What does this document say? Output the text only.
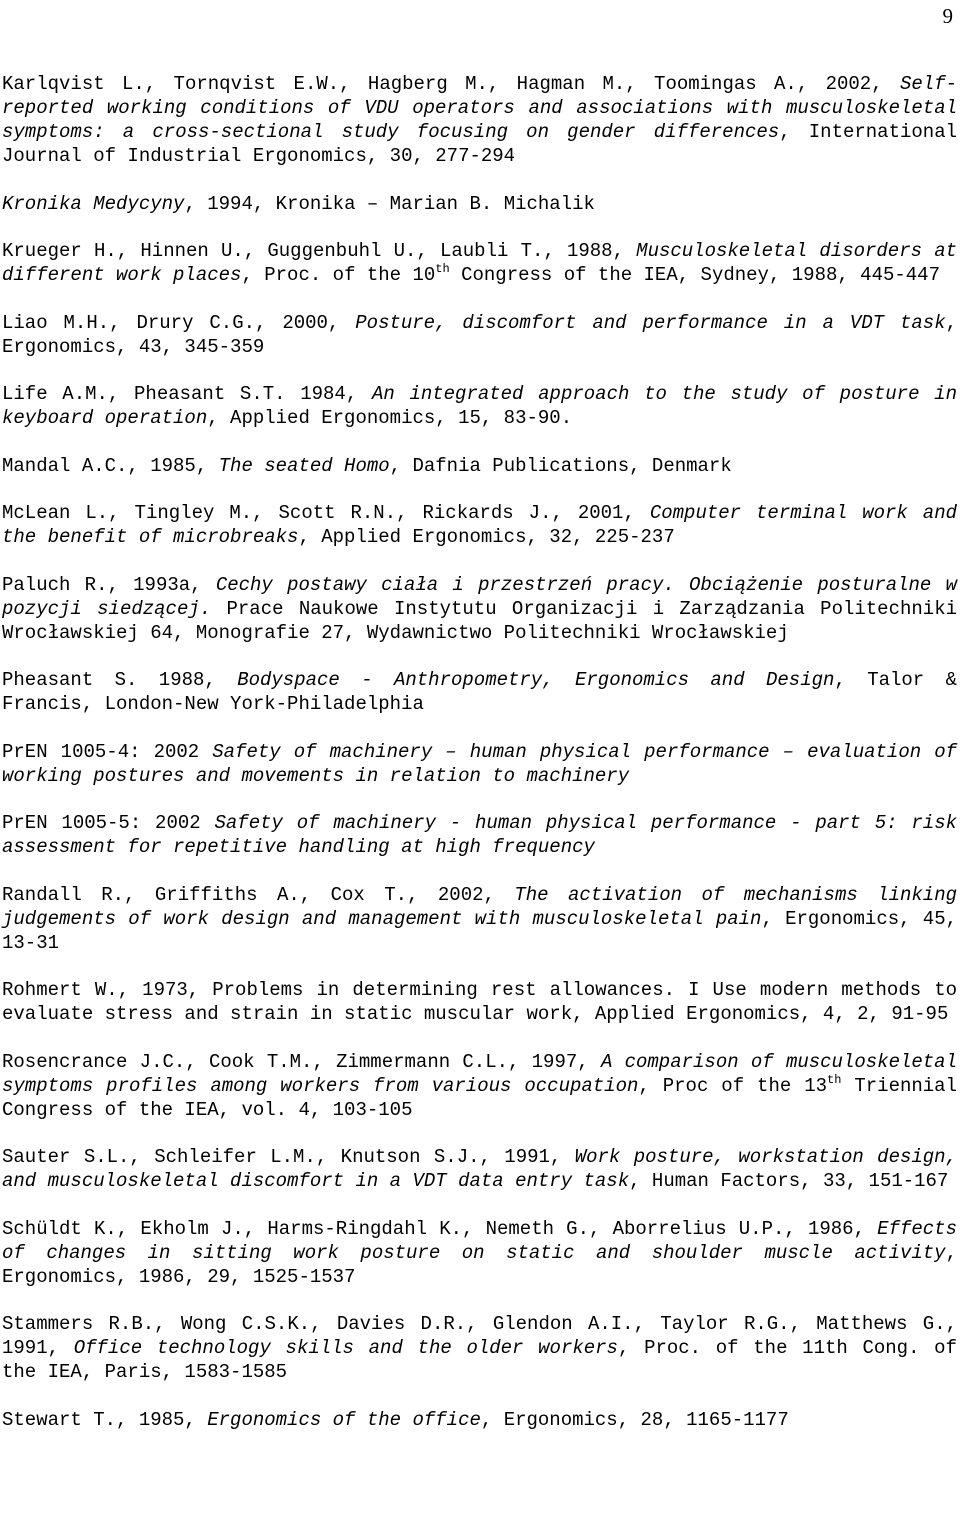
9

Karlqvist L., Tornqvist E.W., Hagberg M., Hagman M., Toomingas A., 2002, Self-reported working conditions of VDU operators and associations with musculoskeletal symptoms: a cross-sectional study focusing on gender differences, International Journal of Industrial Ergonomics, 30, 277-294

Kronika Medycyny, 1994, Kronika – Marian B. Michalik

Krueger H., Hinnen U., Guggenbuhl U., Laubli T., 1988, Musculoskeletal disorders at different work places, Proc. of the 10th Congress of the IEA, Sydney, 1988, 445-447

Liao M.H., Drury C.G., 2000, Posture, discomfort and performance in a VDT task, Ergonomics, 43, 345-359

Life A.M., Pheasant S.T. 1984, An integrated approach to the study of posture in keyboard operation, Applied Ergonomics, 15, 83-90.

Mandal A.C., 1985, The seated Homo, Dafnia Publications, Denmark

McLean L., Tingley M., Scott R.N., Rickards J., 2001, Computer terminal work and the benefit of microbreaks, Applied Ergonomics, 32, 225-237

Paluch R., 1993a, Cechy postawy ciała i przestrzeń pracy. Obciążenie posturalne w pozycji siedzącej. Prace Naukowe Instytutu Organizacji i Zarządzania Politechniki Wrocławskiej 64, Monografie 27, Wydawnictwo Politechniki Wrocławskiej

Pheasant S. 1988, Bodyspace - Anthropometry, Ergonomics and Design, Talor & Francis, London-New York-Philadelphia

PrEN 1005-4: 2002 Safety of machinery – human physical performance – evaluation of working postures and movements in relation to machinery

PrEN 1005-5: 2002 Safety of machinery - human physical performance - part 5: risk assessment for repetitive handling at high frequency

Randall R., Griffiths A., Cox T., 2002, The activation of mechanisms linking judgements of work design and management with musculoskeletal pain, Ergonomics, 45, 13-31

Rohmert W., 1973, Problems in determining rest allowances. I Use modern methods to evaluate stress and strain in static muscular work, Applied Ergonomics, 4, 2, 91-95

Rosencrance J.C., Cook T.M., Zimmermann C.L., 1997, A comparison of musculoskeletal symptoms profiles among workers from various occupation, Proc of the 13th Triennial Congress of the IEA, vol. 4, 103-105

Sauter S.L., Schleifer L.M., Knutson S.J., 1991, Work posture, workstation design, and musculoskeletal discomfort in a VDT data entry task, Human Factors, 33, 151-167

Schüldt K., Ekholm J., Harms-Ringdahl K., Nemeth G., Aborrelius U.P., 1986, Effects of changes in sitting work posture on static and shoulder muscle activity, Ergonomics, 1986, 29, 1525-1537

Stammers R.B., Wong C.S.K., Davies D.R., Glendon A.I., Taylor R.G., Matthews G., 1991, Office technology skills and the older workers, Proc. of the 11th Cong. of the IEA, Paris, 1583-1585

Stewart T., 1985, Ergonomics of the office, Ergonomics, 28, 1165-1177
